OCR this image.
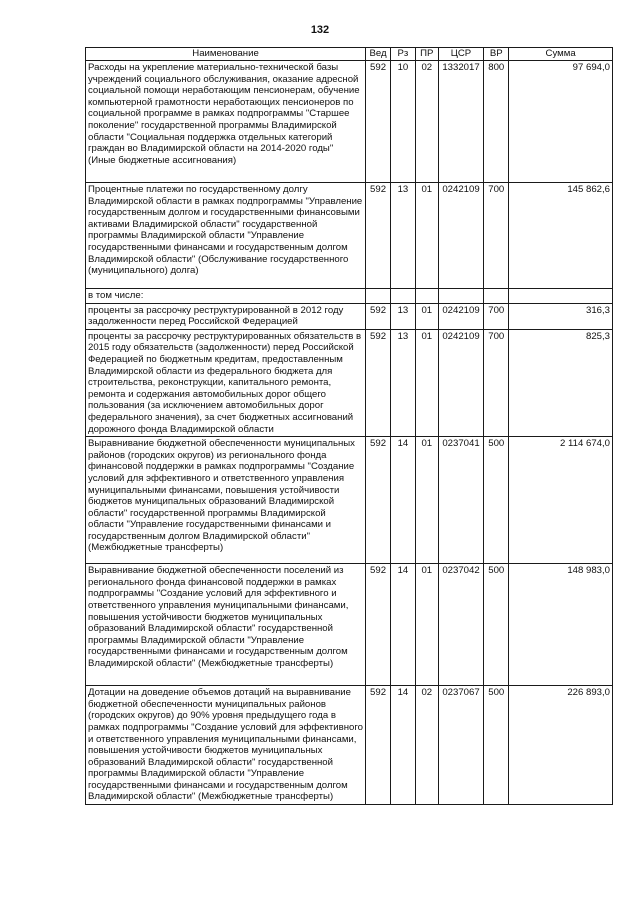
132
Наименование	Вед	Рз	ПР	ЦСР	ВР	Сумма
Расходы на укрепление материально-технической базы учреждений социального обслуживания, оказание адресной социальной помощи неработающим пенсионерам, обучение компьютерной грамотности неработающих пенсионеров по социальной программе в рамках подпрограммы "Старшее поколение" государственной программы Владимирской области "Социальная поддержка отдельных категорий граждан во Владимирской области на 2014-2020 годы" (Иные бюджетные ассигнования)	592	10	02	1332017	800	97 694,0
Процентные платежи по государственному долгу Владимирской области в рамках подпрограммы "Управление государственным долгом и государственными финансовыми активами Владимирской области" государственной программы Владимирской области "Управление государственными финансами и государственным долгом Владимирской области" (Обслуживание государственного (муниципального) долга)	592	13	01	0242109	700	145 862,6
в том числе:						
проценты за рассрочку реструктурированной в 2012 году задолженности перед Российской Федерацией	592	13	01	0242109	700	316,3
проценты за рассрочку реструктурированных обязательств в 2015 году обязательств (задолженности) перед Российской Федерацией по бюджетным кредитам, предоставленным Владимирской области из федерального бюджета для строительства, реконструкции, капитального ремонта, ремонта и содержания автомобильных дорог общего пользования (за исключением автомобильных дорог федерального значения), за счет бюджетных ассигнований дорожного фонда Владимирской области	592	13	01	0242109	700	825,3
Выравнивание бюджетной обеспеченности муниципальных районов (городских округов) из регионального фонда финансовой поддержки в рамках подпрограммы "Создание условий для эффективного и ответственного управления муниципальными финансами, повышения устойчивости бюджетов муниципальных образований Владимирской области" государственной программы Владимирской области "Управление государственными финансами и государственным долгом Владимирской области" (Межбюджетные трансферты)	592	14	01	0237041	500	2 114 674,0
Выравнивание бюджетной обеспеченности поселений из регионального фонда финансовой поддержки в рамках подпрограммы "Создание условий для эффективного и ответственного управления муниципальными финансами, повышения устойчивости бюджетов муниципальных образований Владимирской области" государственной программы Владимирской области "Управление государственными финансами и государственным долгом Владимирской области" (Межбюджетные трансферты)	592	14	01	0237042	500	148 983,0
Дотации на доведение объемов дотаций на выравнивание бюджетной обеспеченности муниципальных районов (городских округов) до 90% уровня предыдущего года в рамках подпрограммы "Создание условий для эффективного и ответственного управления муниципальными финансами, повышения устойчивости бюджетов муниципальных образований Владимирской области" государственной программы Владимирской области "Управление государственными финансами и государственным долгом Владимирской области" (Межбюджетные трансферты)	592	14	02	0237067	500	226 893,0
